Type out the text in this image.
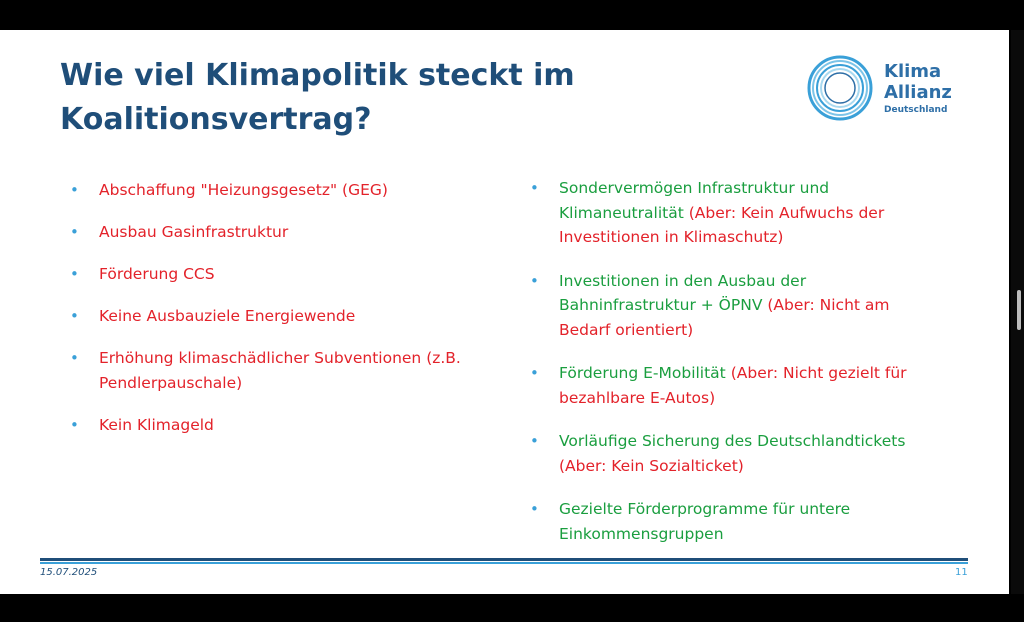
Wie viel Klimapolitik steckt im Koalitionsvertrag?
Klima
Allianz
Deutschland
• Abschaffung "Heizungsgesetz" (GEG)
• Ausbau Gasinfrastruktur
• Förderung CCS
• Keine Ausbauziele Energiewende
• Erhöhung klimaschädlicher Subventionen (z.B. Pendlerpauschale)
• Kein Klimageld
• Sondervermögen Infrastruktur und Klimaneutralität (Aber: Kein Aufwuchs der Investitionen in Klimaschutz)
• Investitionen in den Ausbau der Bahninfrastruktur + ÖPNV (Aber: Nicht am Bedarf orientiert)
• Förderung E-Mobilität (Aber: Nicht gezielt für bezahlbare E-Autos)
• Vorläufige Sicherung des Deutschlandtickets (Aber: Kein Sozialticket)
• Gezielte Förderprogramme für untere Einkommensgruppen
15.07.2025	11
